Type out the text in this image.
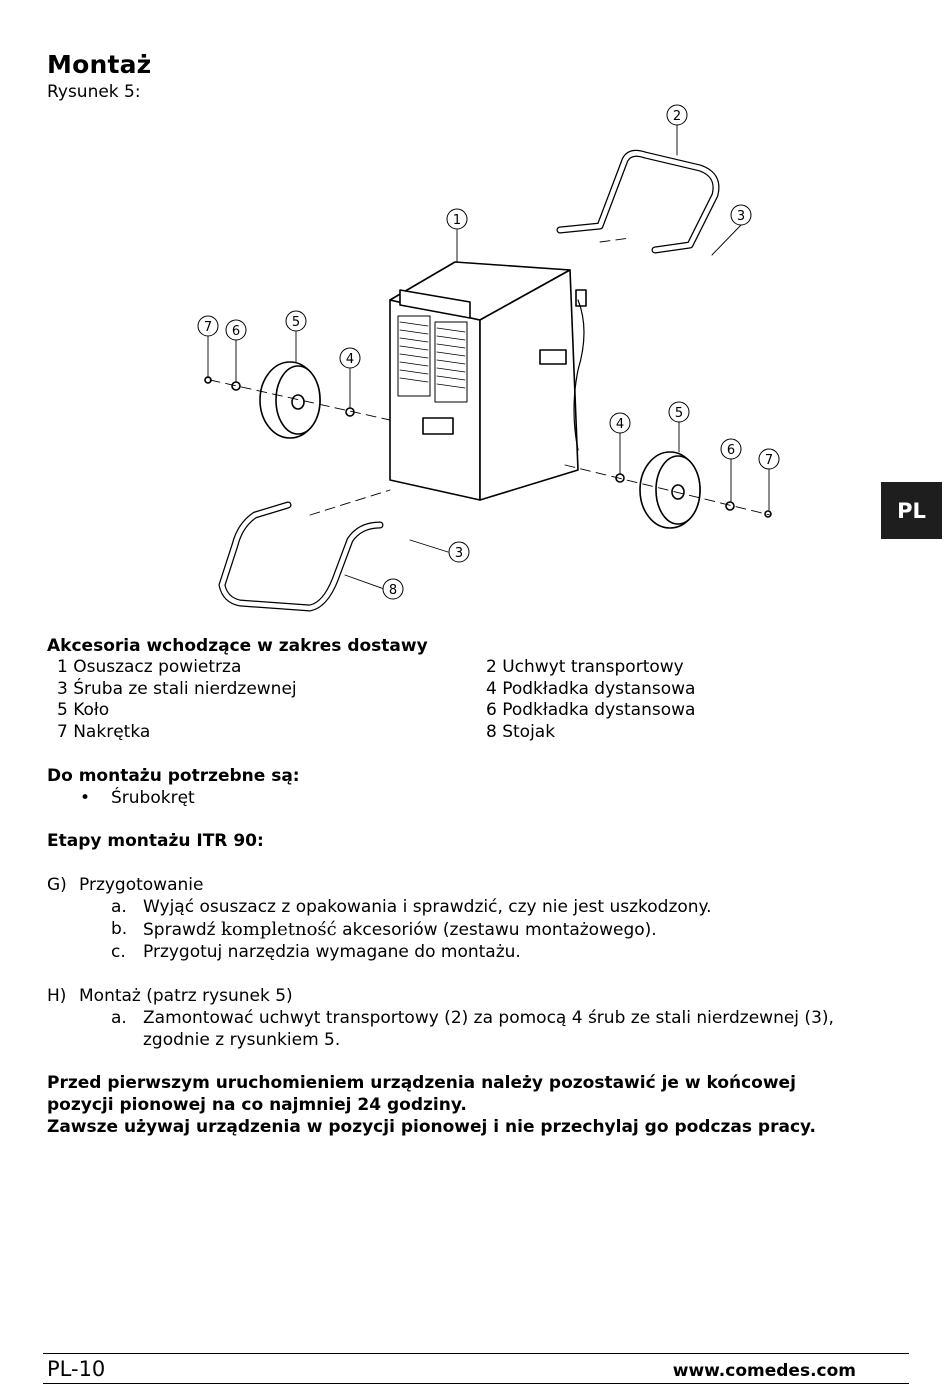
Montaż
Rysunek 5:
1
2
3
3
4
4
5
5
6
6
7
7
8
PL
Akcesoria wchodzące w zakres dostawy
1 Osuszacz powietrza
3 Śruba ze stali nierdzewnej
5 Koło
7 Nakrętka
2 Uchwyt transportowy
4 Podkładka dystansowa
6 Podkładka dystansowa
8 Stojak
Do montażu potrzebne są:
• Śrubokręt
Etapy montażu ITR 90:
G) Przygotowanie
a. Wyjąć osuszacz z opakowania i sprawdzić, czy nie jest uszkodzony.
b. Sprawdź kompletność akcesoriów (zestawu montażowego).
c. Przygotuj narzędzia wymagane do montażu.
H) Montaż (patrz rysunek 5)
a. Zamontować uchwyt transportowy (2) za pomocą 4 śrub ze stali nierdzewnej (3),
zgodnie z rysunkiem 5.
Przed pierwszym uruchomieniem urządzenia należy pozostawić je w końcowej
pozycji pionowej na co najmniej 24 godziny.
Zawsze używaj urządzenia w pozycji pionowej i nie przechylaj go podczas pracy.
PL-10	www.comedes.com
